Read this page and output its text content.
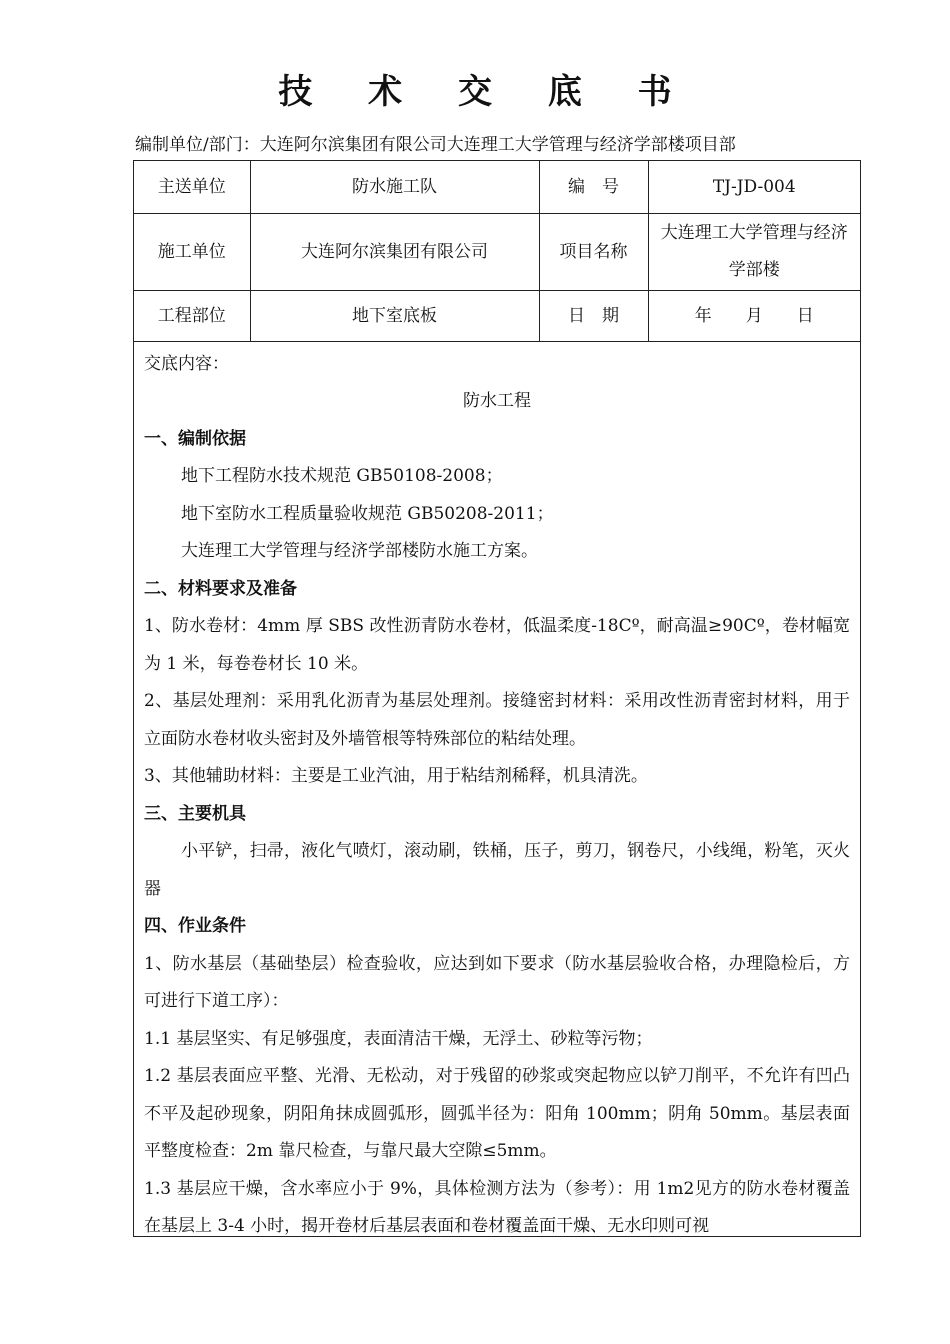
技 术 交 底 书
编制单位/部门：大连阿尔滨集团有限公司大连理工大学管理与经济学部楼项目部
主送单位	防水施工队	编　号	TJ-JD-004
施工单位	大连阿尔滨集团有限公司	项目名称	大连理工大学管理与经济学部楼
工程部位	地下室底板	日　期	年　　月　　日

交底内容：

防水工程

一、编制依据

地下工程防水技术规范 GB50108-2008；

地下室防水工程质量验收规范 GB50208-2011；

大连理工大学管理与经济学部楼防水施工方案。

二、材料要求及准备

1、防水卷材：4mm 厚 SBS 改性沥青防水卷材，低温柔度-18Cº，耐高温≥90Cº，卷材幅宽为 1 米，每卷卷材长 10 米。

2、基层处理剂：采用乳化沥青为基层处理剂。接缝密封材料：采用改性沥青密封材料，用于立面防水卷材收头密封及外墙管根等特殊部位的粘结处理。

3、其他辅助材料：主要是工业汽油，用于粘结剂稀释，机具清洗。

三、主要机具

小平铲，扫帚，液化气喷灯，滚动刷，铁桶，压子，剪刀，钢卷尺，小线绳，粉笔，灭火器

四、作业条件

1、防水基层（基础垫层）检查验收，应达到如下要求（防水基层验收合格，办理隐检后，方可进行下道工序）：

1.1 基层坚实、有足够强度，表面清洁干燥，无浮土、砂粒等污物；

1.2 基层表面应平整、光滑、无松动，对于残留的砂浆或突起物应以铲刀削平，不允许有凹凸不平及起砂现象，阴阳角抹成圆弧形，圆弧半径为：阳角 100mm；阴角 50mm。基层表面平整度检查：2m 靠尺检查，与靠尺最大空隙≤5mm。

1.3 基层应干燥，含水率应小于 9%，具体检测方法为（参考）：用 1m2见方的防水卷材覆盖在基层上 3-4 小时，揭开卷材后基层表面和卷材覆盖面干燥、无水印则可视
